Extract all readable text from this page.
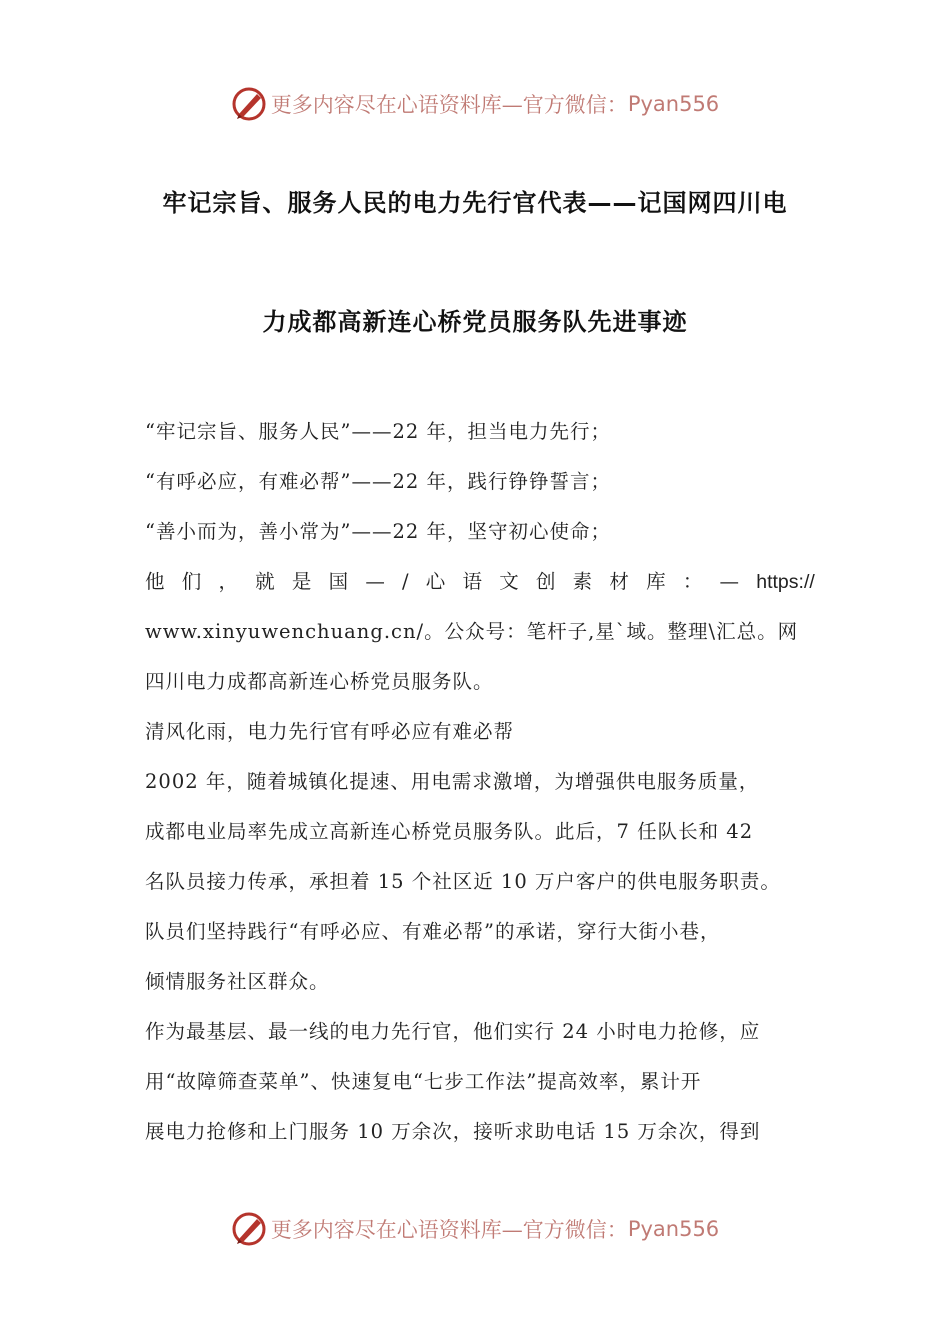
更多内容尽在心语资料库—官方微信： Pyan556
牢记宗旨、服务人民的电力先行官代表——记国网四川电
力成都高新连心桥党员服务队先进事迹
“牢记宗旨、服务人民”——22 年，担当电力先行；
“有呼必应，有难必帮”——22 年，践行铮铮誓言；
“善小而为，善小常为”——22 年，坚守初心使命；
他 们 ， 就 是 国 — / 心 语 文 创 素 材 库 ： — https://
www.xinyuwenchuang.cn/。公众号：笔杆子,星`域。整理\汇总。网
四川电力成都高新连心桥党员服务队。
清风化雨，电力先行官有呼必应有难必帮
2002 年，随着城镇化提速、用电需求激增，为增强供电服务质量，
成都电业局率先成立高新连心桥党员服务队。此后，7 任队长和 42
名队员接力传承，承担着 15 个社区近 10 万户客户的供电服务职责。
队员们坚持践行“有呼必应、有难必帮”的承诺，穿行大街小巷，
倾情服务社区群众。
作为最基层、最一线的电力先行官，他们实行 24 小时电力抢修，应
用“故障筛查菜单”、快速复电“七步工作法”提高效率，累计开
展电力抢修和上门服务 10 万余次，接听求助电话 15 万余次，得到
更多内容尽在心语资料库—官方微信： Pyan556
